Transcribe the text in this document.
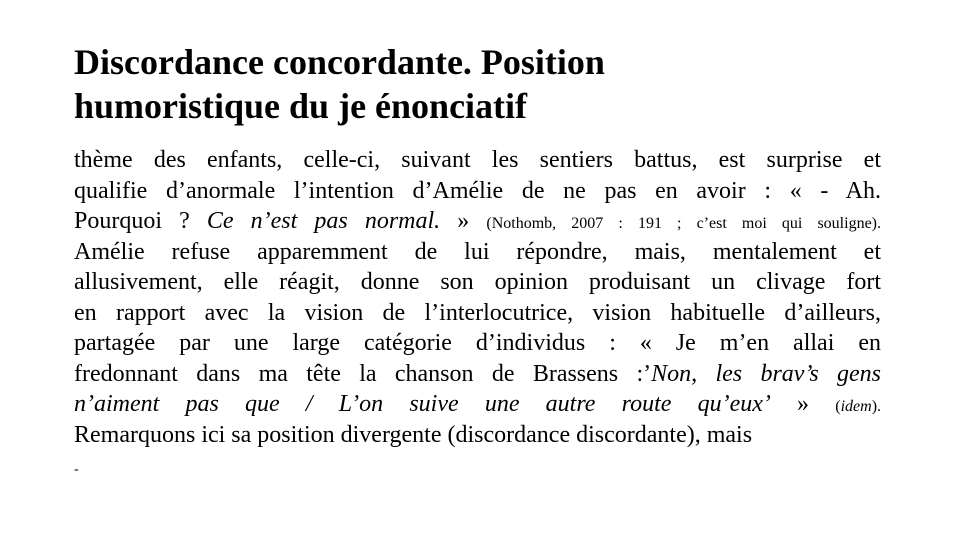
Discordance concordante. Position
humoristique du je énonciatif
thème des enfants, celle-ci, suivant les sentiers battus, est surprise et
qualifie d’anormale l’intention d’Amélie de ne pas en avoir : « - Ah.
Pourquoi ? Ce n’est pas normal. » (Nothomb, 2007 : 191 ; c’est moi qui souligne).
Amélie refuse apparemment de lui répondre, mais, mentalement et
allusivement, elle réagit, donne son opinion produisant un clivage fort
en rapport avec la vision de l’interlocutrice, vision habituelle d’ailleurs,
partagée par une large catégorie d’individus : « Je m’en allai en
fredonnant dans ma tête la chanson de Brassens :’Non, les brav’s gens
n’aiment pas que / L’on suive une autre route qu’eux’ » (idem).
Remarquons ici sa position divergente (discordance discordante), mais
-
